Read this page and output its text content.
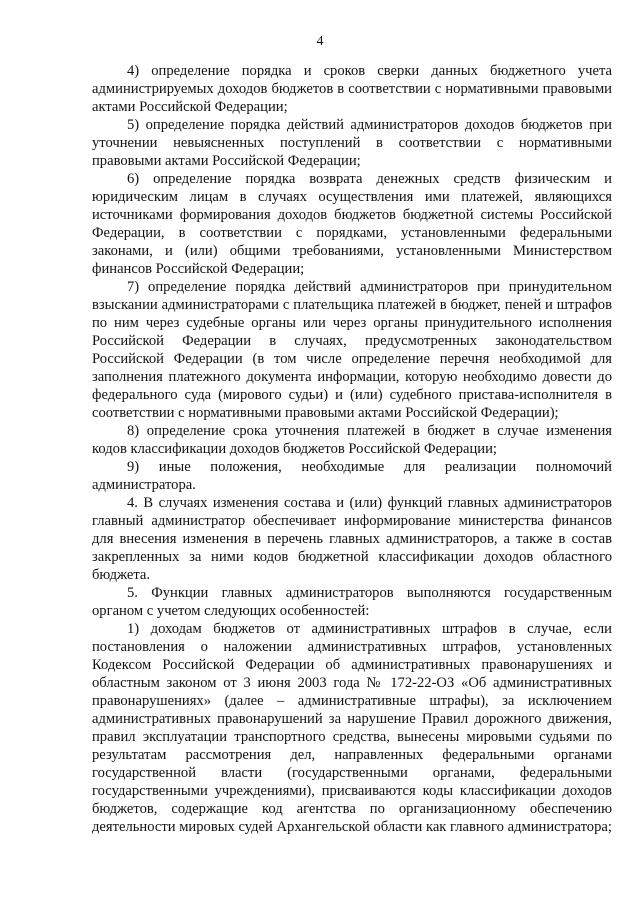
4

4) определение порядка и сроков сверки данных бюджетного учета администрируемых доходов бюджетов в соответствии с нормативными правовыми актами Российской Федерации;

5) определение порядка действий администраторов доходов бюджетов при уточнении невыясненных поступлений в соответствии с нормативными правовыми актами Российской Федерации;

6) определение порядка возврата денежных средств физическим и юридическим лицам в случаях осуществления ими платежей, являющихся источниками формирования доходов бюджетов бюджетной системы Российской Федерации, в соответствии с порядками, установленными федеральными законами, и (или) общими требованиями, установленными Министерством финансов Российской Федерации;

7) определение порядка действий администраторов при принудительном взыскании администраторами с плательщика платежей в бюджет, пеней и штрафов по ним через судебные органы или через органы принудительного исполнения Российской Федерации в случаях, предусмотренных законодательством Российской Федерации (в том числе определение перечня необходимой для заполнения платежного документа информации, которую необходимо довести до федерального суда (мирового судьи) и (или) судебного пристава-исполнителя в соответствии с нормативными правовыми актами Российской Федерации);

8) определение срока уточнения платежей в бюджет в случае изменения кодов классификации доходов бюджетов Российской Федерации;

9) иные положения, необходимые для реализации полномочий администратора.

4. В случаях изменения состава и (или) функций главных администраторов главный администратор обеспечивает информирование министерства финансов для внесения изменения в перечень главных администраторов, а также в состав закрепленных за ними кодов бюджетной классификации доходов областного бюджета.

5. Функции главных администраторов выполняются государственным органом с учетом следующих особенностей:

1) доходам бюджетов от административных штрафов в случае, если постановления о наложении административных штрафов, установленных Кодексом Российской Федерации об административных правонарушениях и областным законом от 3 июня 2003 года № 172-22-ОЗ «Об административных правонарушениях» (далее – административные штрафы), за исключением административных правонарушений за нарушение Правил дорожного движения, правил эксплуатации транспортного средства, вынесены мировыми судьями по результатам рассмотрения дел, направленных федеральными органами государственной власти (государственными органами, федеральными государственными учреждениями), присваиваются коды классификации доходов бюджетов, содержащие код агентства по организационному обеспечению деятельности мировых судей Архангельской области как главного администратора;
